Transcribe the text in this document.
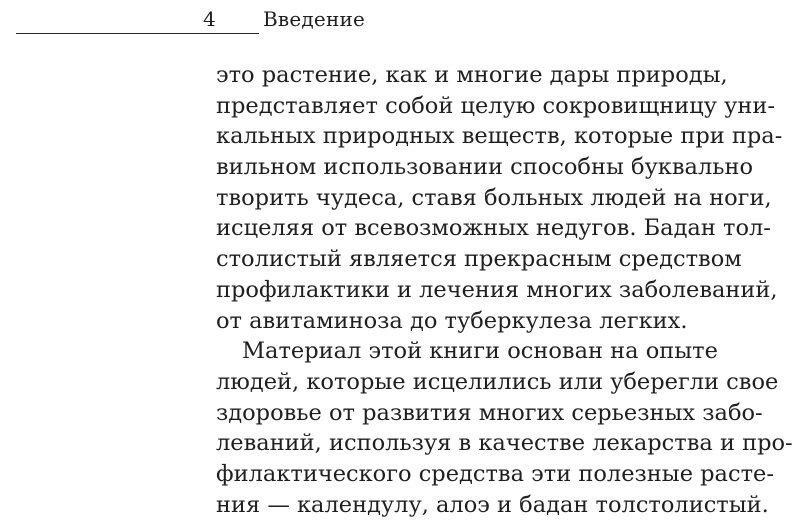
4 Введение
это растение, как и многие дары природы,
представляет собой целую сокровищницу уни-
кальных природных веществ, которые при пра-
вильном использовании способны буквально
творить чудеса, ставя больных людей на ноги,
исцеляя от всевозможных недугов. Бадан тол-
столистый является прекрасным средством
профилактики и лечения многих заболеваний,
от авитаминоза до туберкулеза легких.
Материал этой книги основан на опыте
людей, которые исцелились или уберегли свое
здоровье от развития многих серьезных забо-
леваний, используя в качестве лекарства и про-
филактического средства эти полезные расте-
ния — календулу, алоэ и бадан толстолистый.
